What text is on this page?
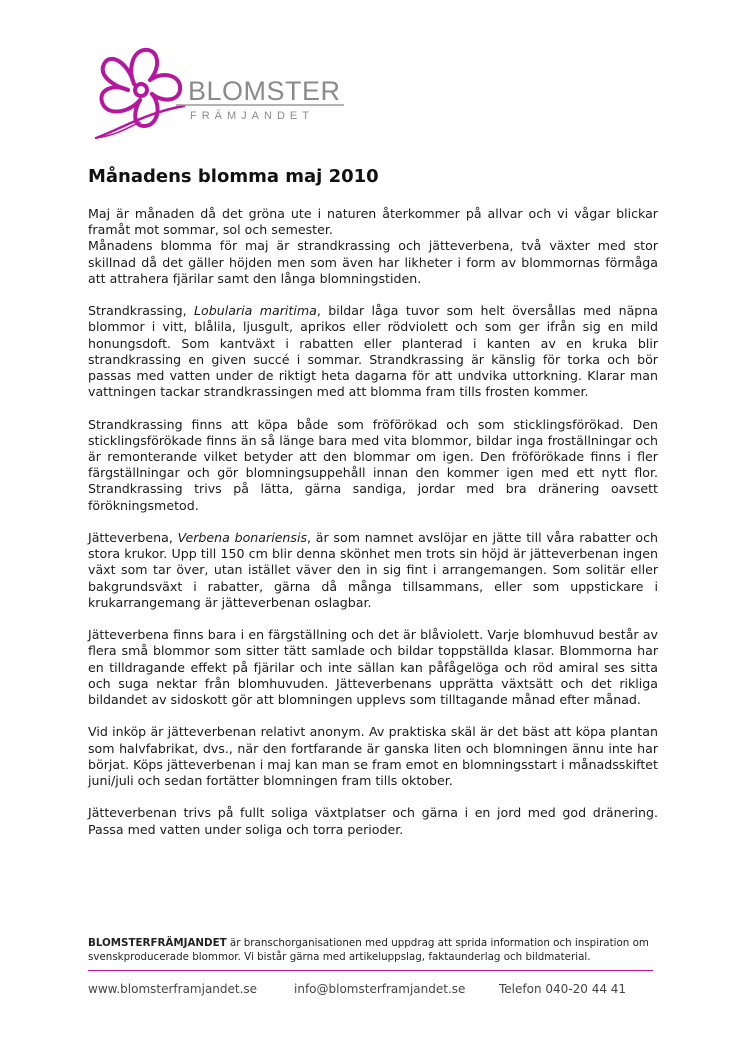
BLOMSTER
FRÄMJANDET
Månadens blomma maj 2010

Maj är månaden då det gröna ute i naturen återkommer på allvar och vi vågar blickar framåt mot sommar, sol och semester.

Månadens blomma för maj är strandkrassing och jätteverbena, två växter med stor skillnad då det gäller höjden men som även har likheter i form av blommornas förmåga att attrahera fjärilar samt den långa blomningstiden.

Strandkrassing, Lobularia maritima, bildar låga tuvor som helt översållas med näpna blommor i vitt, blålila, ljusgult, aprikos eller rödviolett och som ger ifrån sig en mild honungsdoft. Som kantväxt i rabatten eller planterad i kanten av en kruka blir strandkrassing en given succé i sommar. Strandkrassing är känslig för torka och bör passas med vatten under de riktigt heta dagarna för att undvika uttorkning. Klarar man vattningen tackar strandkrassingen med att blomma fram tills frosten kommer.

Strandkrassing finns att köpa både som fröförökad och som sticklingsförökad. Den sticklingsförökade finns än så länge bara med vita blommor, bildar inga froställningar och är remonterande vilket betyder att den blommar om igen. Den fröförökade finns i fler färgställningar och gör blomningsuppehåll innan den kommer igen med ett nytt flor. Strandkrassing trivs på lätta, gärna sandiga, jordar med bra dränering oavsett förökningsmetod.

Jätteverbena, Verbena bonariensis, är som namnet avslöjar en jätte till våra rabatter och stora krukor. Upp till 150 cm blir denna skönhet men trots sin höjd är jätteverbenan ingen växt som tar över, utan istället väver den in sig fint i arrangemangen. Som solitär eller bakgrundsväxt i rabatter, gärna då många tillsammans, eller som uppstickare i krukarrangemang är jätteverbenan oslagbar.

Jätteverbena finns bara i en färgställning och det är blåviolett. Varje blomhuvud består av flera små blommor som sitter tätt samlade och bildar toppställda klasar. Blommorna har en tilldragande effekt på fjärilar och inte sällan kan påfågelöga och röd amiral ses sitta och suga nektar från blomhuvuden. Jätteverbenans upprätta växtsätt och det rikliga bildandet av sidoskott gör att blomningen upplevs som tilltagande månad efter månad.

Vid inköp är jätteverbenan relativt anonym. Av praktiska skäl är det bäst att köpa plantan som halvfabrikat, dvs., när den fortfarande är ganska liten och blomningen ännu inte har börjat. Köps jätteverbenan i maj kan man se fram emot en blomningsstart i månadsskiftet juni/juli och sedan fortätter blomningen fram tills oktober.

Jätteverbenan trivs på fullt soliga växtplatser och gärna i en jord med god dränering. Passa med vatten under soliga och torra perioder.

BLOMSTERFRÄMJANDET är branschorganisationen med uppdrag att sprida information och inspiration om svenskproducerade blommor. Vi bistår gärna med artikeluppslag, faktaunderlag och bildmaterial.
www.blomsterframjandet.se	info@blomsterframjandet.se	Telefon 040-20 44 41
